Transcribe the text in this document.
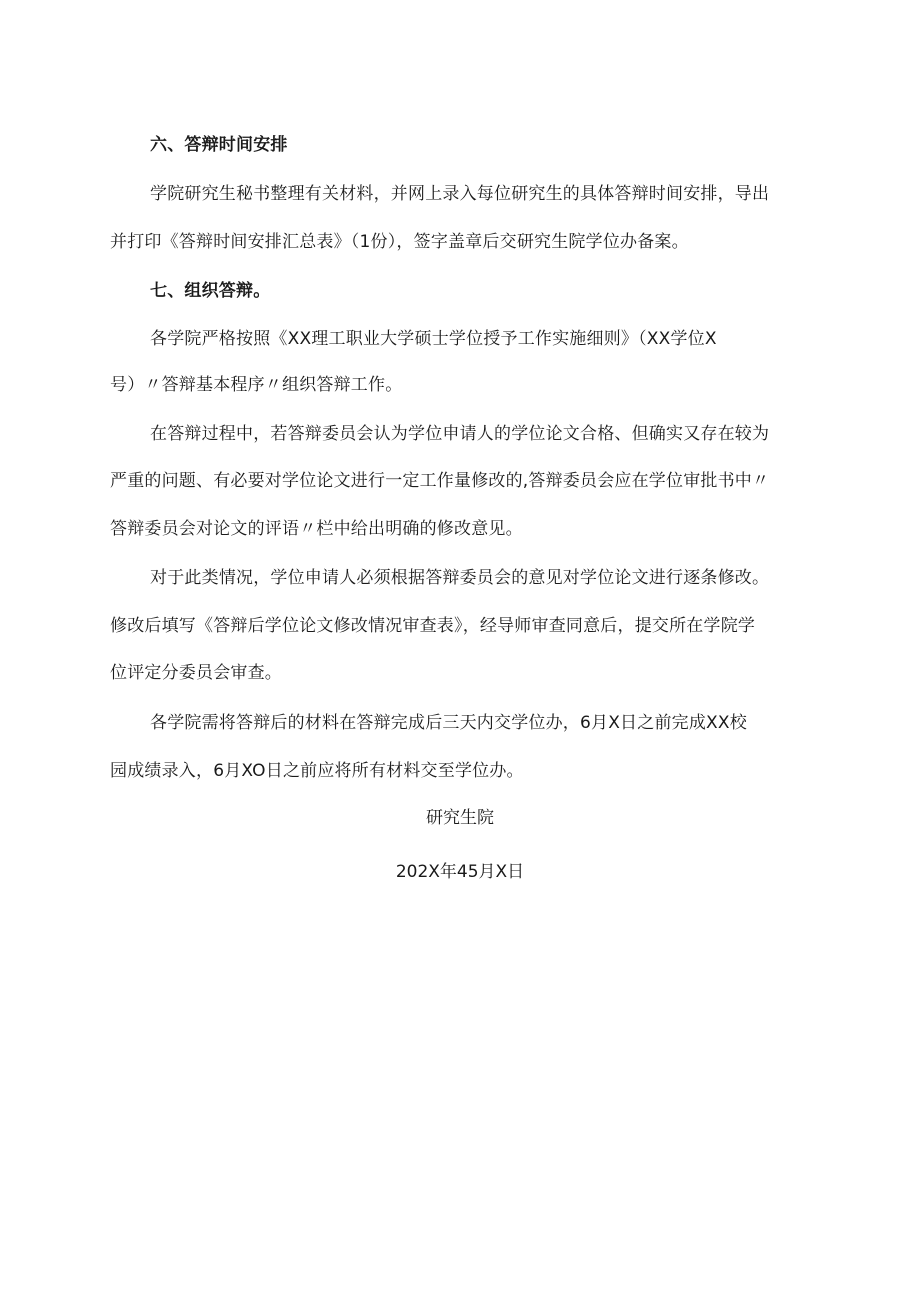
六、答辩时间安排
学院研究生秘书整理有关材料，并网上录入每位研究生的具体答辩时间安排，导出
并打印《答辩时间安排汇总表》（1份），签字盖章后交研究生院学位办备案。
七、组织答辩。
各学院严格按照《XX理工职业大学硕士学位授予工作实施细则》（XX学位X
号）〃答辩基本程序〃组织答辩工作。
在答辩过程中，若答辩委员会认为学位申请人的学位论文合格、但确实又存在较为
严重的问题、有必要对学位论文进行一定工作量修改的,答辩委员会应在学位审批书中〃
答辩委员会对论文的评语〃栏中给出明确的修改意见。
对于此类情况，学位申请人必须根据答辩委员会的意见对学位论文进行逐条修改。
修改后填写《答辩后学位论文修改情况审查表》，经导师审查同意后，提交所在学院学
位评定分委员会审查。
各学院需将答辩后的材料在答辩完成后三天内交学位办，6月X日之前完成XX校
园成绩录入，6月XO日之前应将所有材料交至学位办。
研究生院
202X年45月X日
